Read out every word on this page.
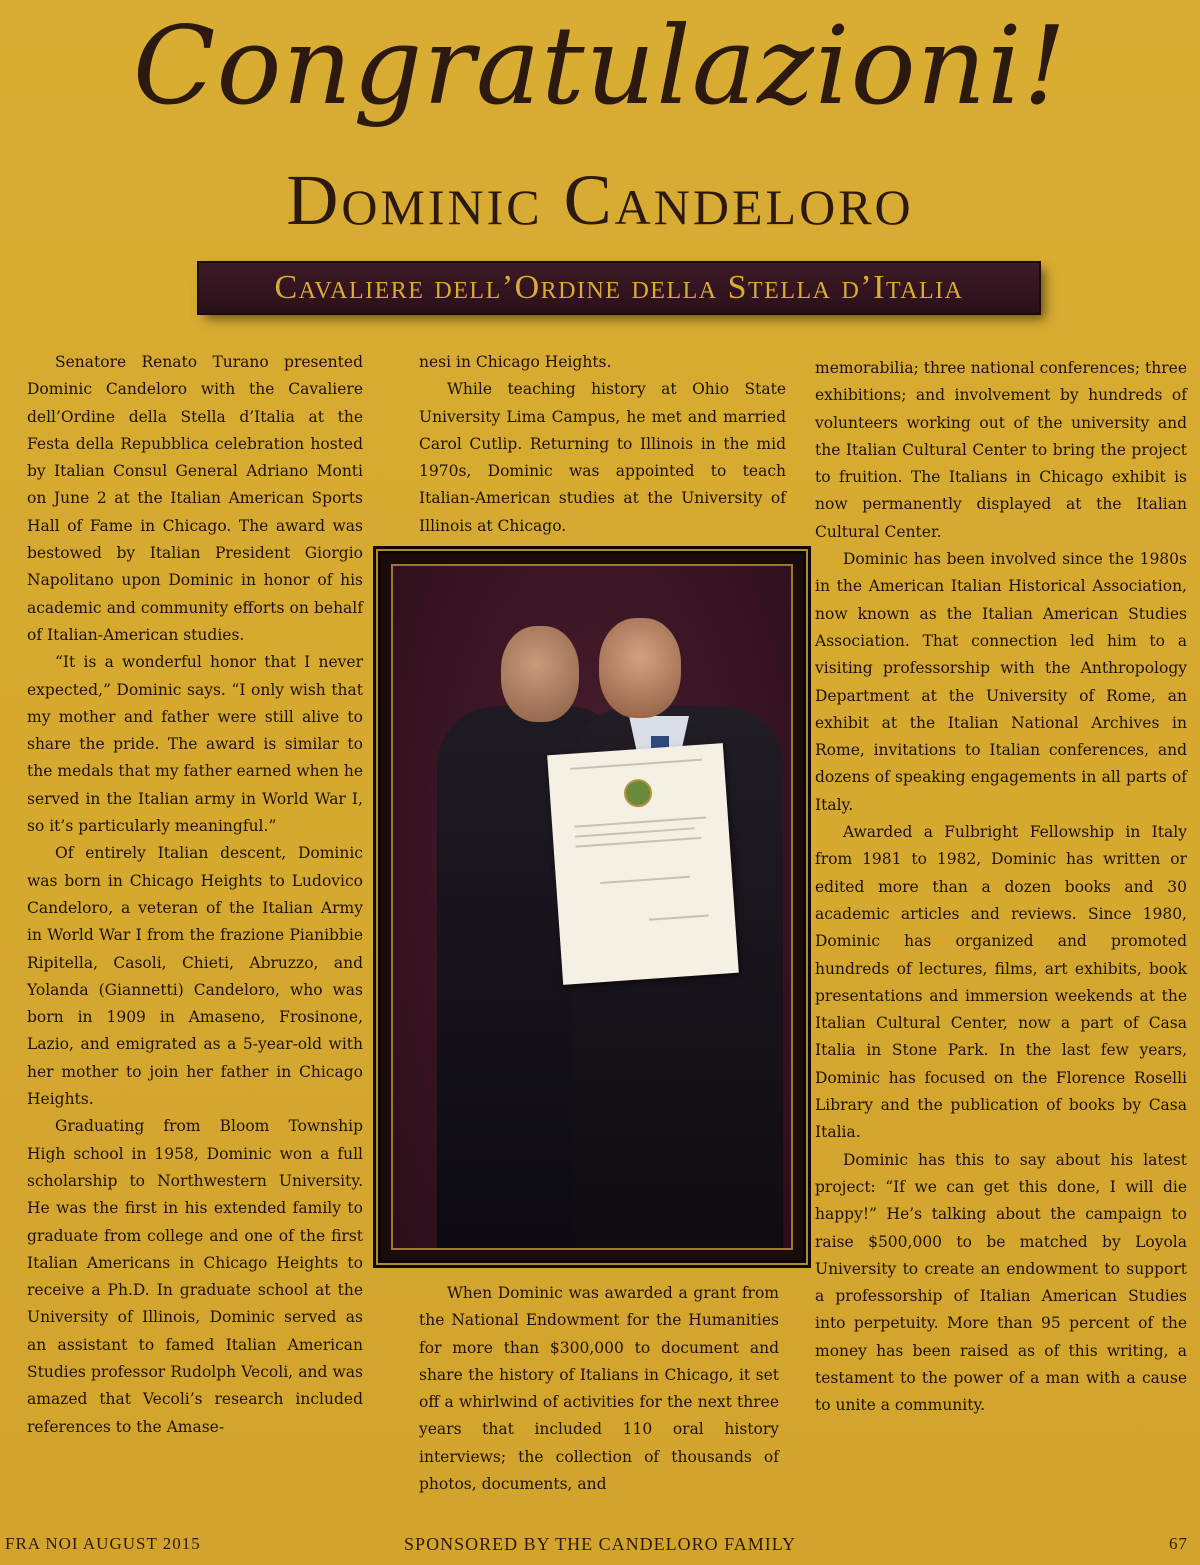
Congratulazioni!
Dominic Candeloro
Cavaliere dell’Ordine della Stella d’Italia

Senatore Renato Turano presented Dominic Candeloro with the Cavaliere dell’Ordine della Stella d’Italia at the Festa della Repubblica celebration hosted by Italian Consul General Adriano Monti on June 2 at the Italian American Sports Hall of Fame in Chicago. The award was bestowed by Italian President Giorgio Napolitano upon Dominic in honor of his academic and community efforts on behalf of Italian-American studies.

“It is a wonderful honor that I never expected,” Dominic says. “I only wish that my mother and father were still alive to share the pride. The award is similar to the medals that my father earned when he served in the Italian army in World War I, so it’s particularly meaningful.”

Of entirely Italian descent, Dominic was born in Chicago Heights to Ludovico Candeloro, a veteran of the Italian Army in World War I from the frazione Pianibbie Ripitella, Casoli, Chieti, Abruzzo, and Yolanda (Giannetti) Candeloro, who was born in 1909 in Amaseno, Frosinone, Lazio, and emigrated as a 5-year-old with her mother to join her father in Chicago Heights.

Graduating from Bloom Township High school in 1958, Dominic won a full scholarship to Northwestern University. He was the first in his extended family to graduate from college and one of the first Italian Americans in Chicago Heights to receive a Ph.D. In graduate school at the University of Illinois, Dominic served as an assistant to famed Italian American Studies professor Rudolph Vecoli, and was amazed that Vecoli’s research included references to the Amase-

nesi in Chicago Heights.

While teaching history at Ohio State University Lima Campus, he met and married Carol Cutlip. Returning to Illinois in the mid 1970s, Dominic was appointed to teach Italian-American studies at the University of Illinois at Chicago.

When Dominic was awarded a grant from the National Endowment for the Humanities for more than $300,000 to document and share the history of Italians in Chicago, it set off a whirlwind of activities for the next three years that included 110 oral history interviews; the collection of thousands of photos, documents, and

memorabilia; three national conferences; three exhibitions; and involvement by hundreds of volunteers working out of the university and the Italian Cultural Center to bring the project to fruition. The Italians in Chicago exhibit is now permanently displayed at the Italian Cultural Center.

Dominic has been involved since the 1980s in the American Italian Historical Association, now known as the Italian American Studies Association. That connection led him to a visiting professorship with the Anthropology Department at the University of Rome, an exhibit at the Italian National Archives in Rome, invitations to Italian conferences, and dozens of speaking engagements in all parts of Italy.

Awarded a Fulbright Fellowship in Italy from 1981 to 1982, Dominic has written or edited more than a dozen books and 30 academic articles and reviews. Since 1980, Dominic has organized and promoted hundreds of lectures, films, art exhibits, book presentations and immersion weekends at the Italian Cultural Center, now a part of Casa Italia in Stone Park. In the last few years, Dominic has focused on the Florence Roselli Library and the publication of books by Casa Italia.

Dominic has this to say about his latest project: “If we can get this done, I will die happy!” He’s talking about the campaign to raise $500,000 to be matched by Loyola University to create an endowment to support a professorship of Italian American Studies into perpetuity. More than 95 percent of the money has been raised as of this writing, a testament to the power of a man with a cause to unite a community.

SPONSORED BY THE CANDELORO FAMILY
FRA NOI AUGUST 2015	67
